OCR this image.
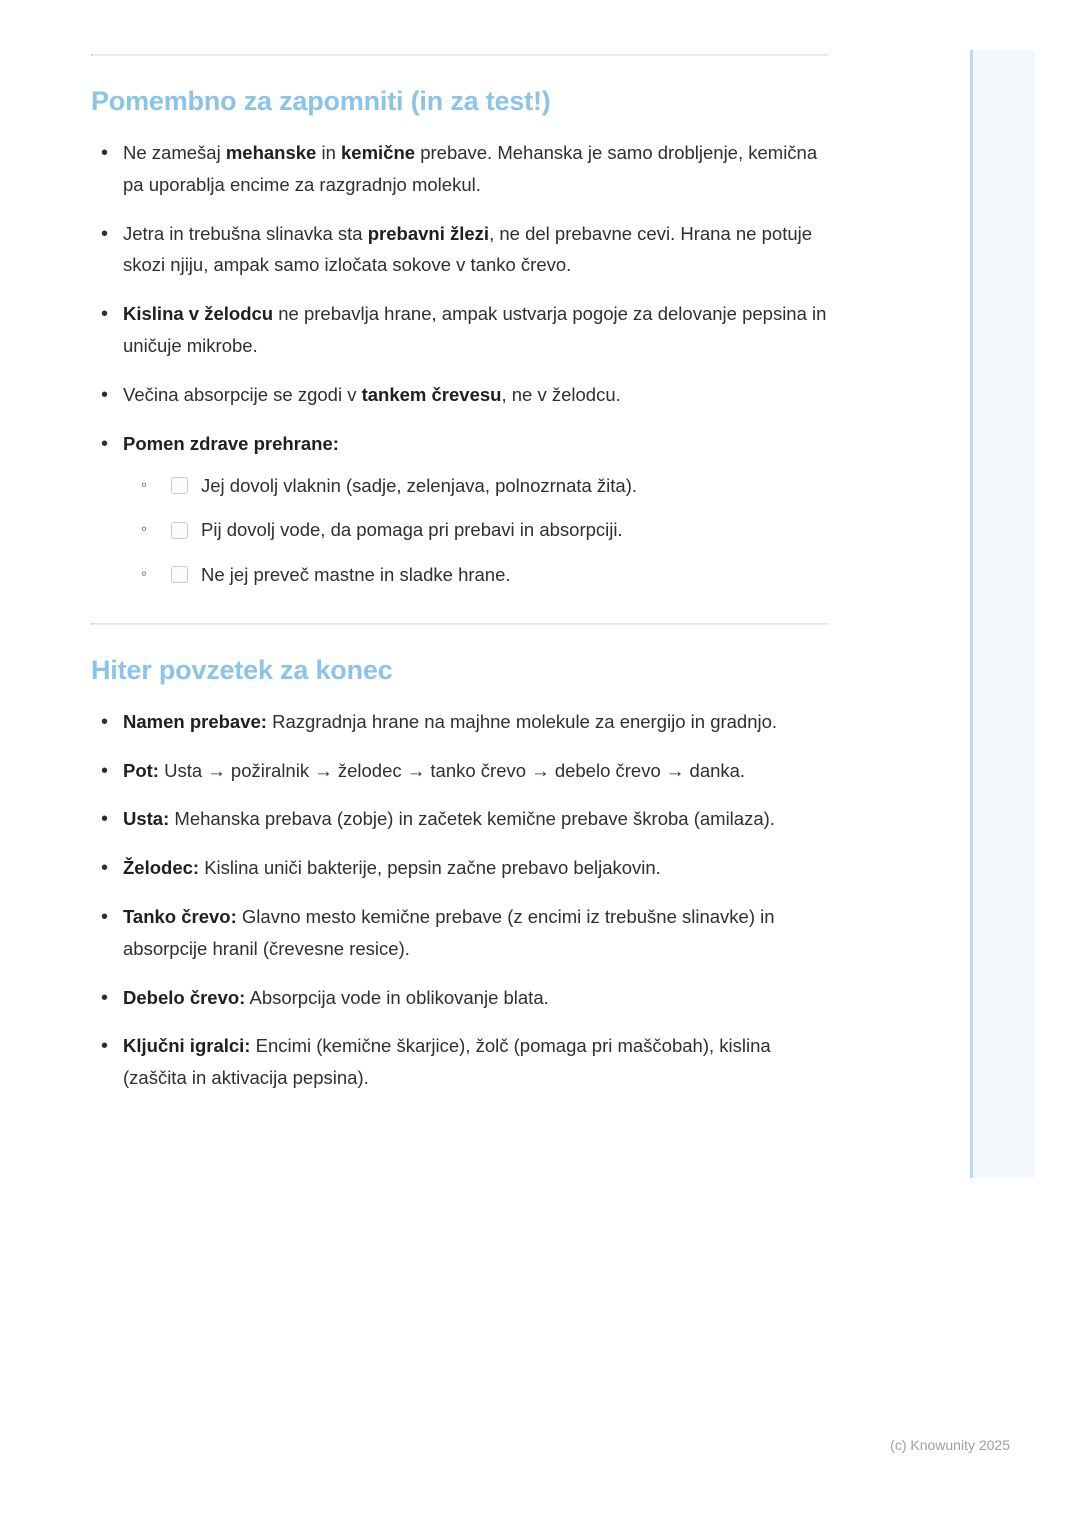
Pomembno za zapomniti (in za test!)
• Ne zamešaj mehanske in kemične prebave. Mehanska je samo drobljenje, kemična pa uporablja encime za razgradnjo molekul.
• Jetra in trebušna slinavka sta prebavni žlezi, ne del prebavne cevi. Hrana ne potuje skozi njiju, ampak samo izločata sokove v tanko črevo.
• Kislina v želodcu ne prebavlja hrane, ampak ustvarja pogoje za delovanje pepsina in uničuje mikrobe.
• Večina absorpcije se zgodi v tankem črevesu, ne v želodcu.
• Pomen zdrave prehrane:
◦ Jej dovolj vlaknin (sadje, zelenjava, polnozrnata žita).
◦ Pij dovolj vode, da pomaga pri prebavi in absorpciji.
◦ Ne jej preveč mastne in sladke hrane.
Hiter povzetek za konec
• Namen prebave: Razgradnja hrane na majhne molekule za energijo in gradnjo.
• Pot: Usta → požiralnik → želodec → tanko črevo → debelo črevo → danka.
• Usta: Mehanska prebava (zobje) in začetek kemične prebave škroba (amilaza).
• Želodec: Kislina uniči bakterije, pepsin začne prebavo beljakovin.
• Tanko črevo: Glavno mesto kemične prebave (z encimi iz trebušne slinavke) in absorpcije hranil (črevesne resice).
• Debelo črevo: Absorpcija vode in oblikovanje blata.
• Ključni igralci: Encimi (kemične škarjice), žolč (pomaga pri maščobah), kislina (zaščita in aktivacija pepsina).
(c) Knowunity 2025
